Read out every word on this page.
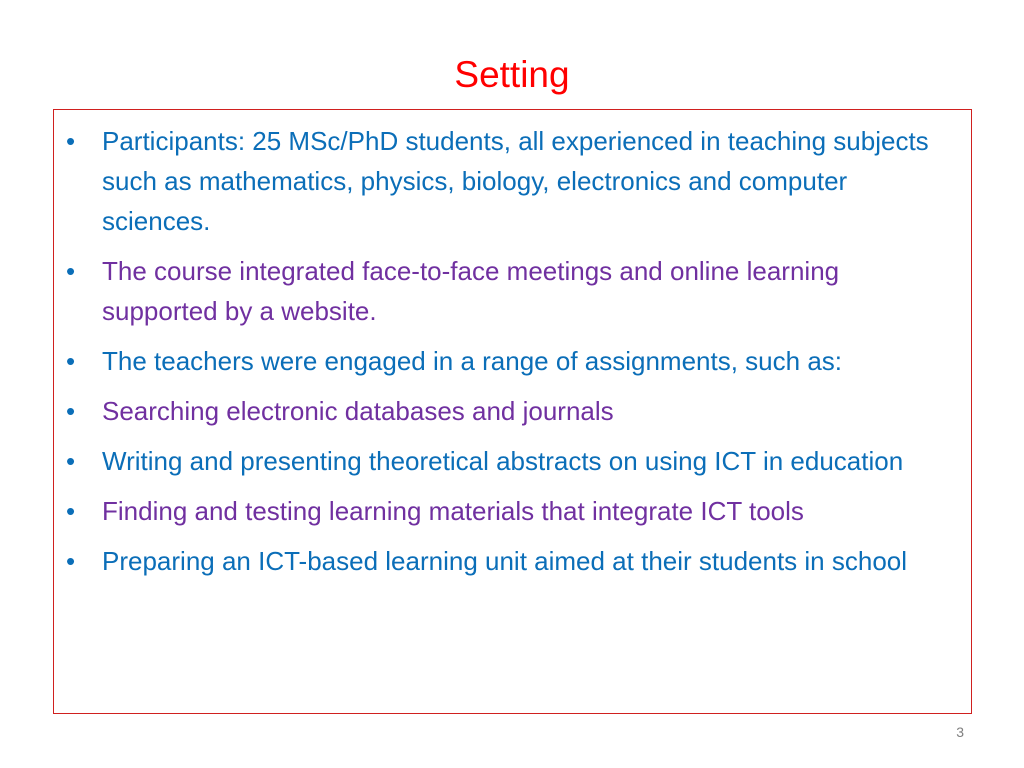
Setting
• Participants: 25 MSc/PhD students, all experienced in teaching subjects such as mathematics, physics, biology, electronics and computer sciences.
• The course integrated face-to-face meetings and online learning supported by a website.
• The teachers were engaged in a range of assignments, such as:
• Searching electronic databases and journals
• Writing and presenting theoretical abstracts on using ICT in education
• Finding and testing learning materials that integrate ICT tools
• Preparing an ICT-based learning unit aimed at their students in school
3
